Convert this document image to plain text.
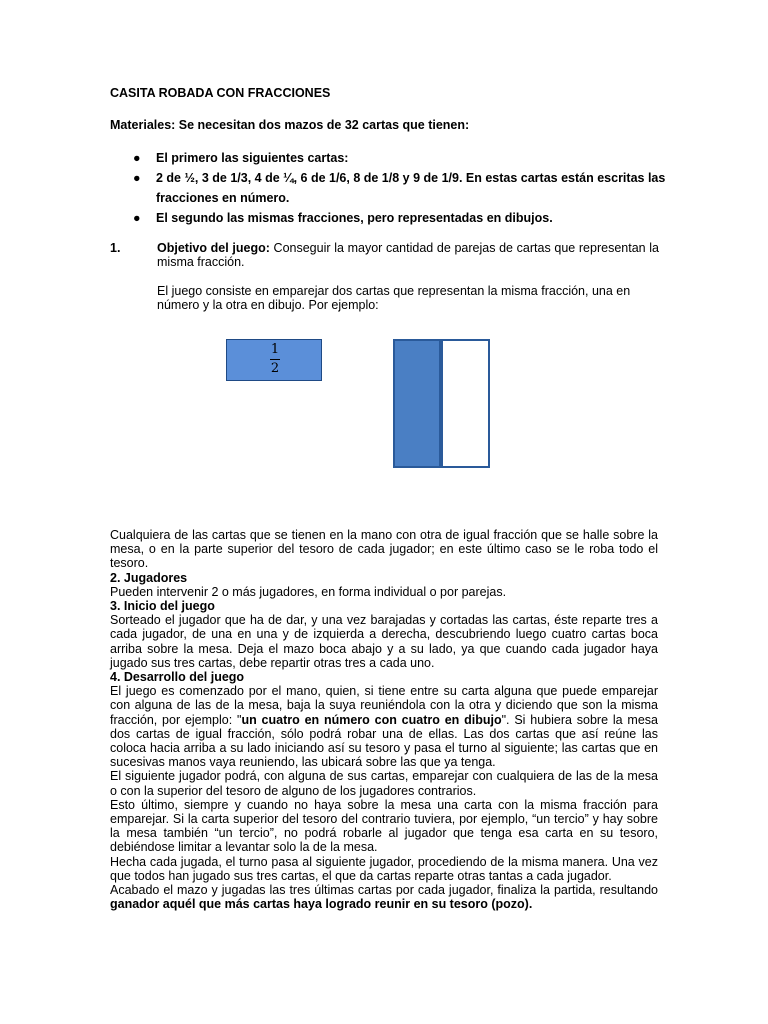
CASITA ROBADA CON FRACCIONES
Materiales: Se necesitan dos mazos de 32 cartas que tienen:
● El primero las siguientes cartas:
● 2 de ½, 3 de 1/3, 4 de ¼, 6 de 1/6, 8 de 1/8 y 9 de 1/9. En estas cartas están escritas las fracciones en número.
● El segundo las mismas fracciones, pero representadas en dibujos.
1.	Objetivo del juego: Conseguir la mayor cantidad de parejas de cartas que representan la misma fracción.
El juego consiste en emparejar dos cartas que representan la misma fracción, una en número y la otra en dibujo. Por ejemplo:
1
2

Cualquiera de las cartas que se tienen en la mano con otra de igual fracción que se halle sobre la mesa, o en la parte superior del tesoro de cada jugador; en este último caso se le roba todo el tesoro.

2. Jugadores

Pueden intervenir 2 o más jugadores, en forma individual o por parejas.

3. Inicio del juego

Sorteado el jugador que ha de dar, y una vez barajadas y cortadas las cartas, éste reparte tres a cada jugador, de una en una y de izquierda a derecha, descubriendo luego cuatro cartas boca arriba sobre la mesa. Deja el mazo boca abajo y a su lado, ya que cuando cada jugador haya jugado sus tres cartas, debe repartir otras tres a cada uno.

4. Desarrollo del juego

El juego es comenzado por el mano, quien, si tiene entre su carta alguna que puede emparejar con alguna de las de la mesa, baja la suya reuniéndola con la otra y diciendo que son la misma fracción, por ejemplo: "un cuatro en número con cuatro en dibujo". Si hubiera sobre la mesa dos cartas de igual fracción, sólo podrá robar una de ellas. Las dos cartas que así reúne las coloca hacia arriba a su lado iniciando así su tesoro y pasa el turno al siguiente; las cartas que en sucesivas manos vaya reuniendo, las ubicará sobre las que ya tenga.

El siguiente jugador podrá, con alguna de sus cartas, emparejar con cualquiera de las de la mesa o con la superior del tesoro de alguno de los jugadores contrarios.

Esto último, siempre y cuando no haya sobre la mesa una carta con la misma fracción para emparejar. Si la carta superior del tesoro del contrario tuviera, por ejemplo, “un tercio” y hay sobre la mesa también “un tercio”, no podrá robarle al jugador que tenga esa carta en su tesoro, debiéndose limitar a levantar solo la de la mesa.

Hecha cada jugada, el turno pasa al siguiente jugador, procediendo de la misma manera. Una vez que todos han jugado sus tres cartas, el que da cartas reparte otras tantas a cada jugador.

Acabado el mazo y jugadas las tres últimas cartas por cada jugador, finaliza la partida, resultando ganador aquél que más cartas haya logrado reunir en su tesoro (pozo).
